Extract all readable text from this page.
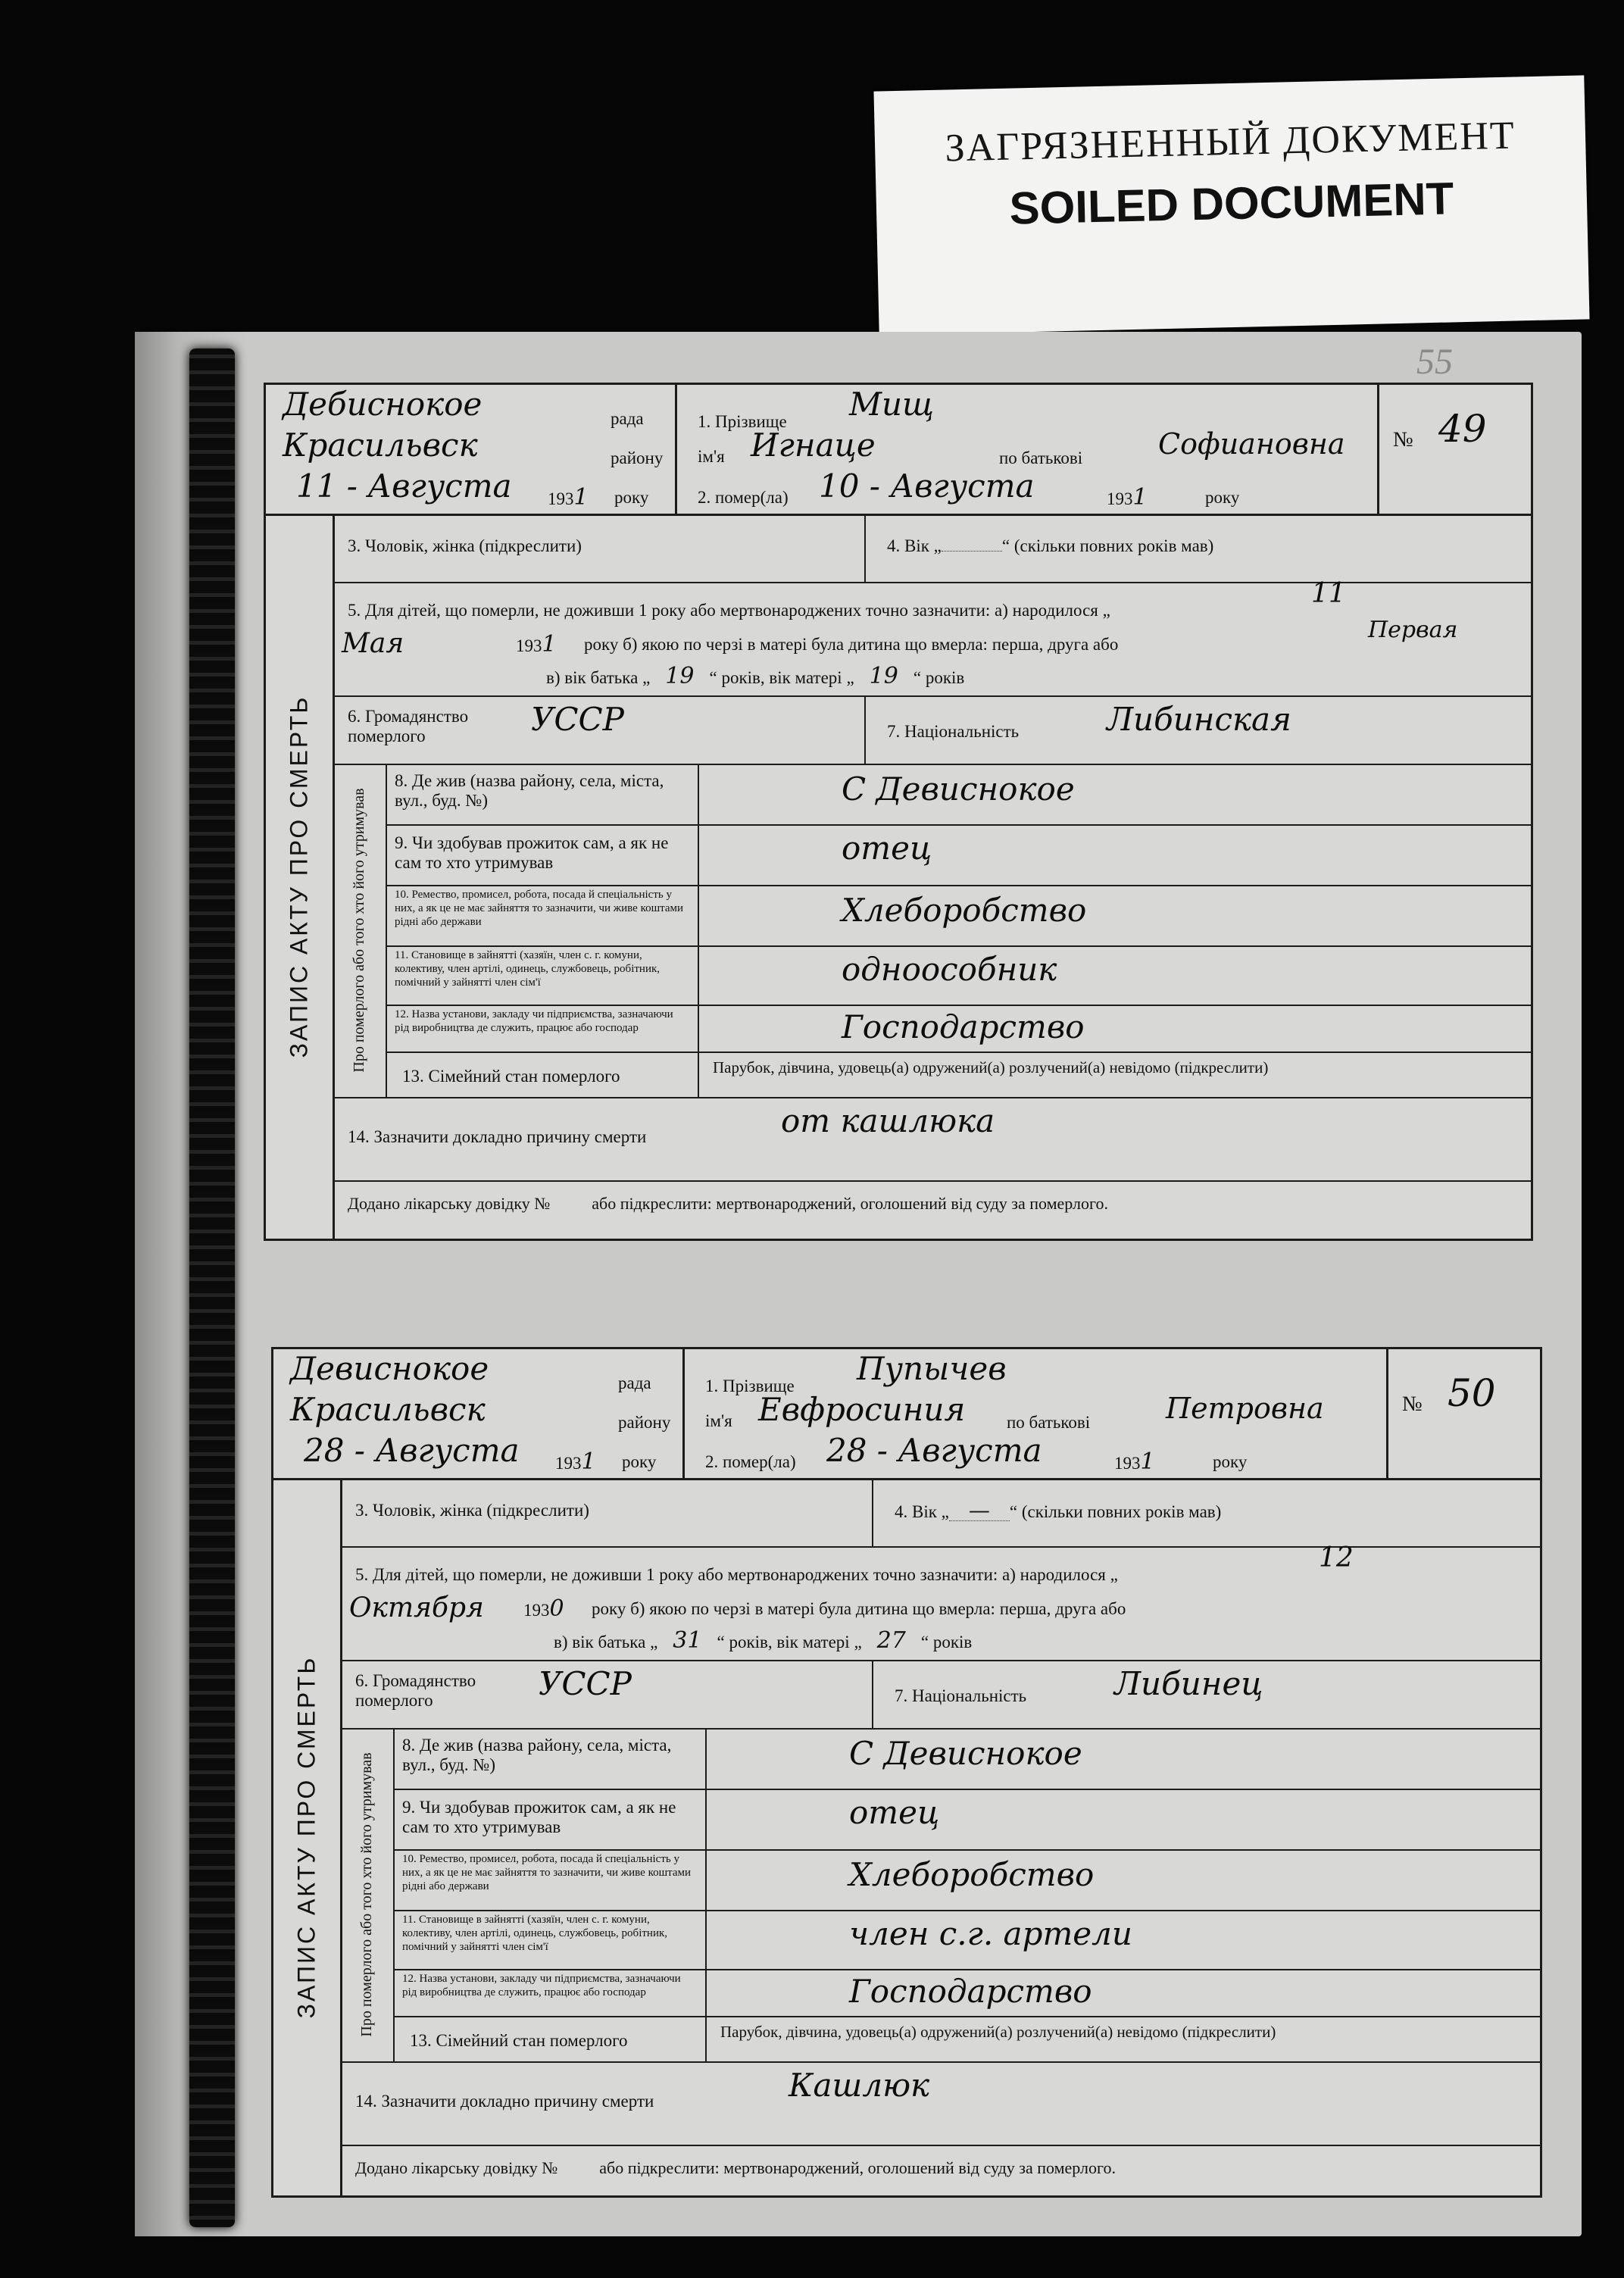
ЗАГРЯЗНЕННЫЙ ДОКУМЕНТ
SOILED DOCUMENT
55
Дебиснокое	рада
Красильвск	району
11 - Августа 1931 року
1. Прізвище Мищ
ім'я Игнаце	по батькові	Софиановна
2. помер(ла) 10 - Августа	1931	року
№ 49
ЗАПИС АКТУ ПРО СМЕРТЬ
3. Чоловік, жінка (підкреслити)	4. Вік „	“ (скільки повних років мав)
5. Для дітей, що померли, не доживши 1 року або мертвонароджених точно зазначити: а) народилося „
11
Мая	1931 року б) якою по черзі в матері була дитина що вмерла: перша, друга або
Первая
в) вік батька „ 19 “ років, вік матері „ 19 “ років
6. Громадянство померлого	УССР	7. Національність	Либинская
Про померлого або того хто його утримував
8. Де жив (назва району, села, міста, вул., буд. №)	С Девиснокое
9. Чи здобував прожиток сам, а як не сам то хто утримував	отец
10. Ремество, промисел, робота, посада й спеціальність у них, а як це не має зайняття то зазначити, чи живе коштами рідні або держави	Хлеборобство
11. Становище в зайнятті (хазяїн, член с. г. комуни, колективу, член артілі, одинець, службовець, робітник, помічний у зайнятті член сім'ї	одноособник
12. Назва установи, закладу чи підприємства, зазначаючи рід виробництва де служить, працює або господар	Господарство
13. Сімейний стан померлого	Парубок, дівчина, удовець(а) одружений(а) розлучений(а) невідомо (підкреслити)
14. Зазначити докладно причину смерти	от кашлюка
Додано лікарську довідку №          або підкреслити: мертвонароджений, оголошений від суду за померлого.
Девиснокое	рада
Красильвск	району
28 - Августа 1931 року
1. Прізвище Пупычев
ім'я Евфросиния по батькові	Петровна
2. помер(ла) 28 - Августа	1931	року
№ 50
ЗАПИС АКТУ ПРО СМЕРТЬ
3. Чоловік, жінка (підкреслити)	4. Вік „ — “ (скільки повних років мав)
5. Для дітей, що померли, не доживши 1 року або мертвонароджених точно зазначити: а) народилося „
12
Октября 1930 року б) якою по черзі в матері була дитина що вмерла: перша, друга або
в) вік батька „ 31 “ років, вік матері „ 27 “ років
6. Громадянство померлого	УССР	7. Національність	Либинец
Про померлого або того хто його утримував
8. Де жив (назва району, села, міста, вул., буд. №)	С Девиснокое
9. Чи здобував прожиток сам, а як не сам то хто утримував	отец
10. Ремество, промисел, робота, посада й спеціальність у них, а як це не має зайняття то зазначити, чи живе коштами рідні або держави	Хлеборобство
11. Становище в зайнятті (хазяїн, член с. г. комуни, колективу, член артілі, одинець, службовець, робітник, помічний у зайнятті член сім'ї	член с.г. артели
12. Назва установи, закладу чи підприємства, зазначаючи рід виробництва де служить, працює або господар	Господарство
13. Сімейний стан померлого	Парубок, дівчина, удовець(а) одружений(а) розлучений(а) невідомо (підкреслити)
14. Зазначити докладно причину смерти	Кашлюк
Додано лікарську довідку №          або підкреслити: мертвонароджений, оголошений від суду за померлого.
